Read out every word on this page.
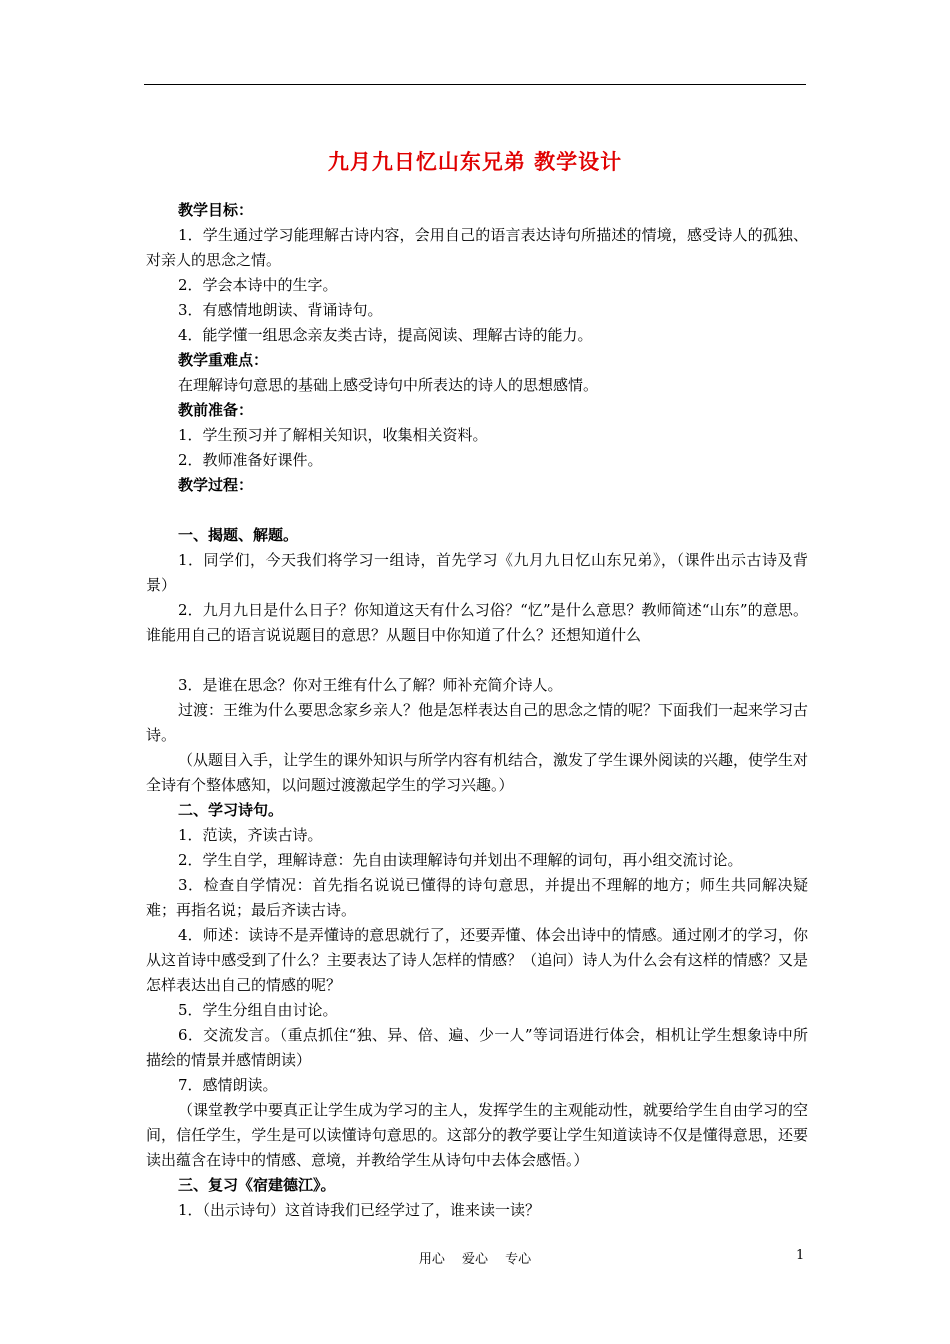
九月九日忆山东兄弟 教学设计

教学目标：

1．学生通过学习能理解古诗内容，会用自己的语言表达诗句所描述的情境，感受诗人的孤独、对亲人的思念之情。

2．学会本诗中的生字。

3．有感情地朗读、背诵诗句。

4．能学懂一组思念亲友类古诗，提高阅读、理解古诗的能力。

教学重难点：

在理解诗句意思的基础上感受诗句中所表达的诗人的思想感情。

教前准备：

1．学生预习并了解相关知识，收集相关资料。

2．教师准备好课件。

教学过程：

一、揭题、解题。

1．同学们，今天我们将学习一组诗，首先学习《九月九日忆山东兄弟》，（课件出示古诗及背景）

2．九月九日是什么日子？你知道这天有什么习俗？“忆”是什么意思？教师简述“山东”的意思。谁能用自己的语言说说题目的意思？从题目中你知道了什么？还想知道什么

3．是谁在思念？你对王维有什么了解？师补充简介诗人。

过渡：王维为什么要思念家乡亲人？他是怎样表达自己的思念之情的呢？下面我们一起来学习古诗。

（从题目入手，让学生的课外知识与所学内容有机结合，激发了学生课外阅读的兴趣，使学生对全诗有个整体感知，以问题过渡激起学生的学习兴趣。）

二、学习诗句。

1．范读，齐读古诗。

2．学生自学，理解诗意：先自由读理解诗句并划出不理解的词句，再小组交流讨论。

3．检查自学情况：首先指名说说已懂得的诗句意思，并提出不理解的地方；师生共同解决疑难；再指名说；最后齐读古诗。

4．师述：读诗不是弄懂诗的意思就行了，还要弄懂、体会出诗中的情感。通过刚才的学习，你从这首诗中感受到了什么？主要表达了诗人怎样的情感？（追问）诗人为什么会有这样的情感？又是怎样表达出自己的情感的呢？

5．学生分组自由讨论。

6．交流发言。（重点抓住“独、异、倍、遍、少一人”等词语进行体会，相机让学生想象诗中所描绘的情景并感情朗读）

7．感情朗读。

（课堂教学中要真正让学生成为学习的主人，发挥学生的主观能动性，就要给学生自由学习的空间，信任学生，学生是可以读懂诗句意思的。这部分的教学要让学生知道读诗不仅是懂得意思，还要读出蕴含在诗中的情感、意境，并教给学生从诗句中去体会感悟。）

三、复习《宿建德江》。

1．（出示诗句）这首诗我们已经学过了，谁来读一读？

用心　 爱心　 专心	1
